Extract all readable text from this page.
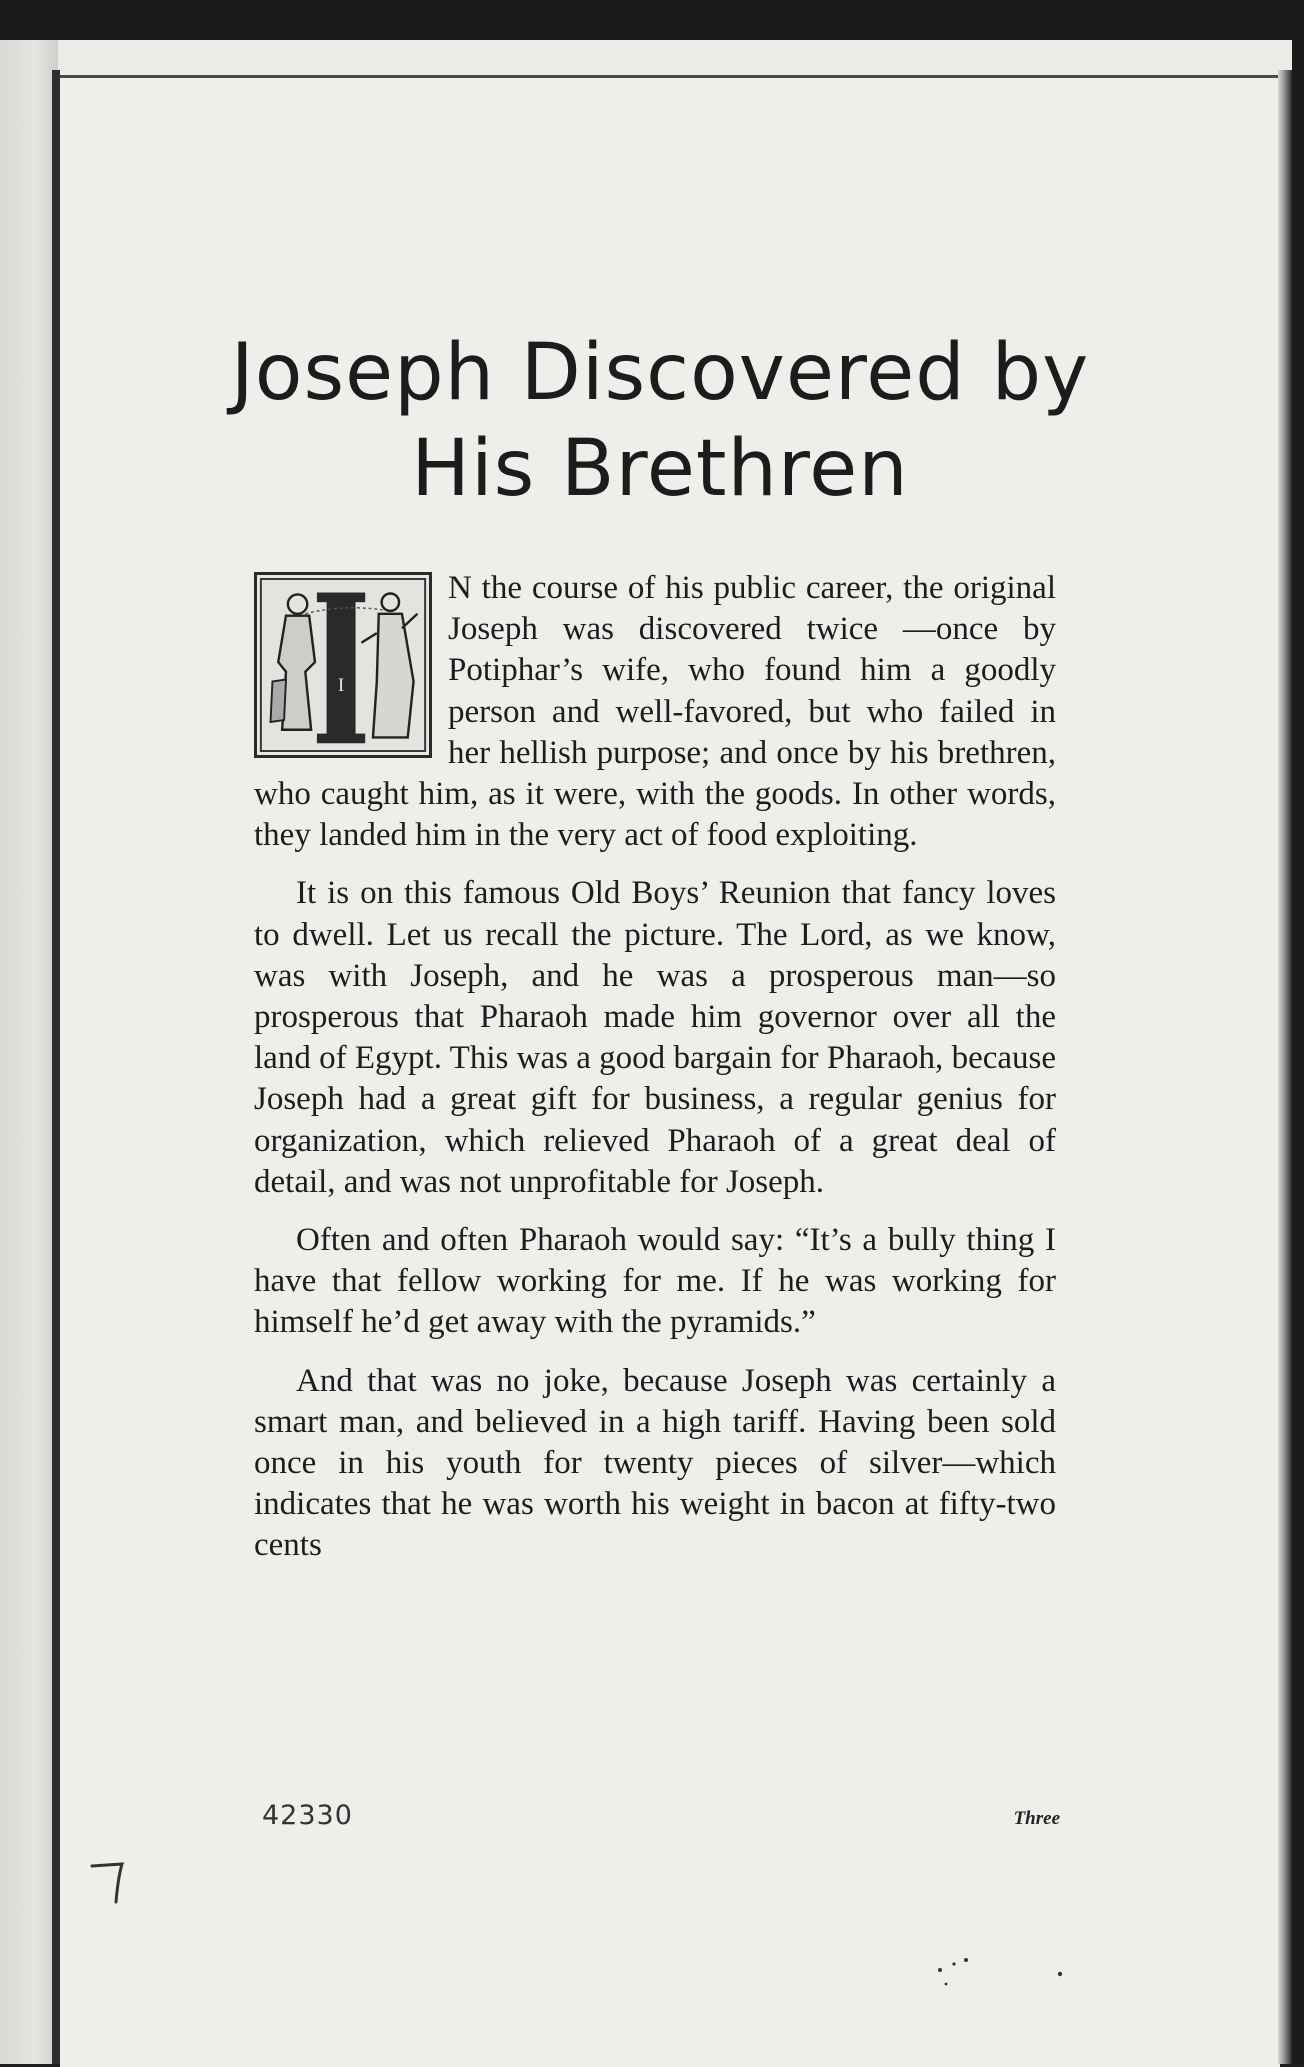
Joseph Discovered by
His Brethren

I
N the course of his public career, the original Joseph was discovered twice —once by Potiphar’s wife, who found him a goodly person and well-favored, but who failed in her hellish purpose; and once by his brethren, who caught him, as it were, with the goods. In other words, they landed him in the very act of food exploiting.

It is on this famous Old Boys’ Reunion that fancy loves to dwell. Let us recall the picture. The Lord, as we know, was with Joseph, and he was a prosperous man—so prosperous that Pharaoh made him governor over all the land of Egypt. This was a good bargain for Pharaoh, because Joseph had a great gift for business, a regular genius for organization, which relieved Pharaoh of a great deal of detail, and was not unprofitable for Joseph.

Often and often Pharaoh would say: “It’s a bully thing I have that fellow working for me. If he was working for himself he’d get away with the pyramids.”

And that was no joke, because Joseph was certainly a smart man, and believed in a high tariff. Having been sold once in his youth for twenty pieces of silver—which indicates that he was worth his weight in bacon at fifty-two cents

42330	Three
